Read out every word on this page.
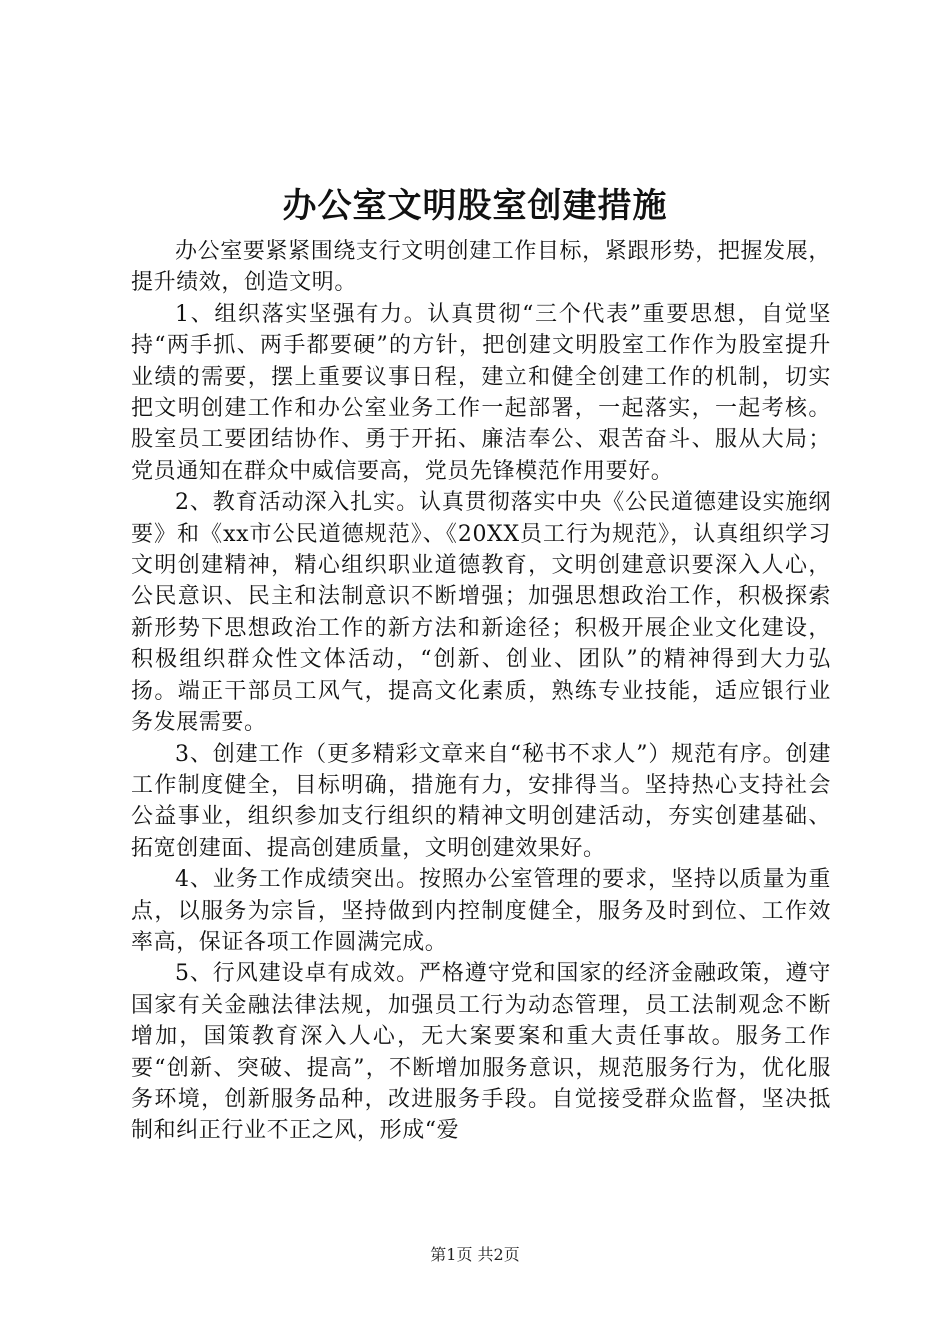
办公室文明股室创建措施

办公室要紧紧围绕支行文明创建工作目标，紧跟形势，把握发展，提升绩效，创造文明。

1、组织落实坚强有力。认真贯彻“三个代表”重要思想，自觉坚持“两手抓、两手都要硬”的方针，把创建文明股室工作作为股室提升业绩的需要，摆上重要议事日程，建立和健全创建工作的机制，切实把文明创建工作和办公室业务工作一起部署，一起落实，一起考核。股室员工要团结协作、勇于开拓、廉洁奉公、艰苦奋斗、服从大局；党员通知在群众中威信要高，党员先锋模范作用要好。

2、教育活动深入扎实。认真贯彻落实中央《公民道德建设实施纲要》和《xx市公民道德规范》、《20XX员工行为规范》，认真组织学习文明创建精神，精心组织职业道德教育，文明创建意识要深入人心，公民意识、民主和法制意识不断增强；加强思想政治工作，积极探索新形势下思想政治工作的新方法和新途径；积极开展企业文化建设，积极组织群众性文体活动，“创新、创业、团队”的精神得到大力弘扬。端正干部员工风气，提高文化素质，熟练专业技能，适应银行业务发展需要。

3、创建工作（更多精彩文章来自“秘书不求人”）规范有序。创建工作制度健全，目标明确，措施有力，安排得当。坚持热心支持社会公益事业，组织参加支行组织的精神文明创建活动，夯实创建基础、拓宽创建面、提高创建质量，文明创建效果好。

4、业务工作成绩突出。按照办公室管理的要求，坚持以质量为重点，以服务为宗旨，坚持做到内控制度健全，服务及时到位、工作效率高，保证各项工作圆满完成。

5、行风建设卓有成效。严格遵守党和国家的经济金融政策，遵守国家有关金融法律法规，加强员工行为动态管理，员工法制观念不断增加，国策教育深入人心，无大案要案和重大责任事故。服务工作要“创新、突破、提高”，不断增加服务意识，规范服务行为，优化服务环境，创新服务品种，改进服务手段。自觉接受群众监督，坚决抵制和纠正行业不正之风，形成“爱

第1页 共2页
